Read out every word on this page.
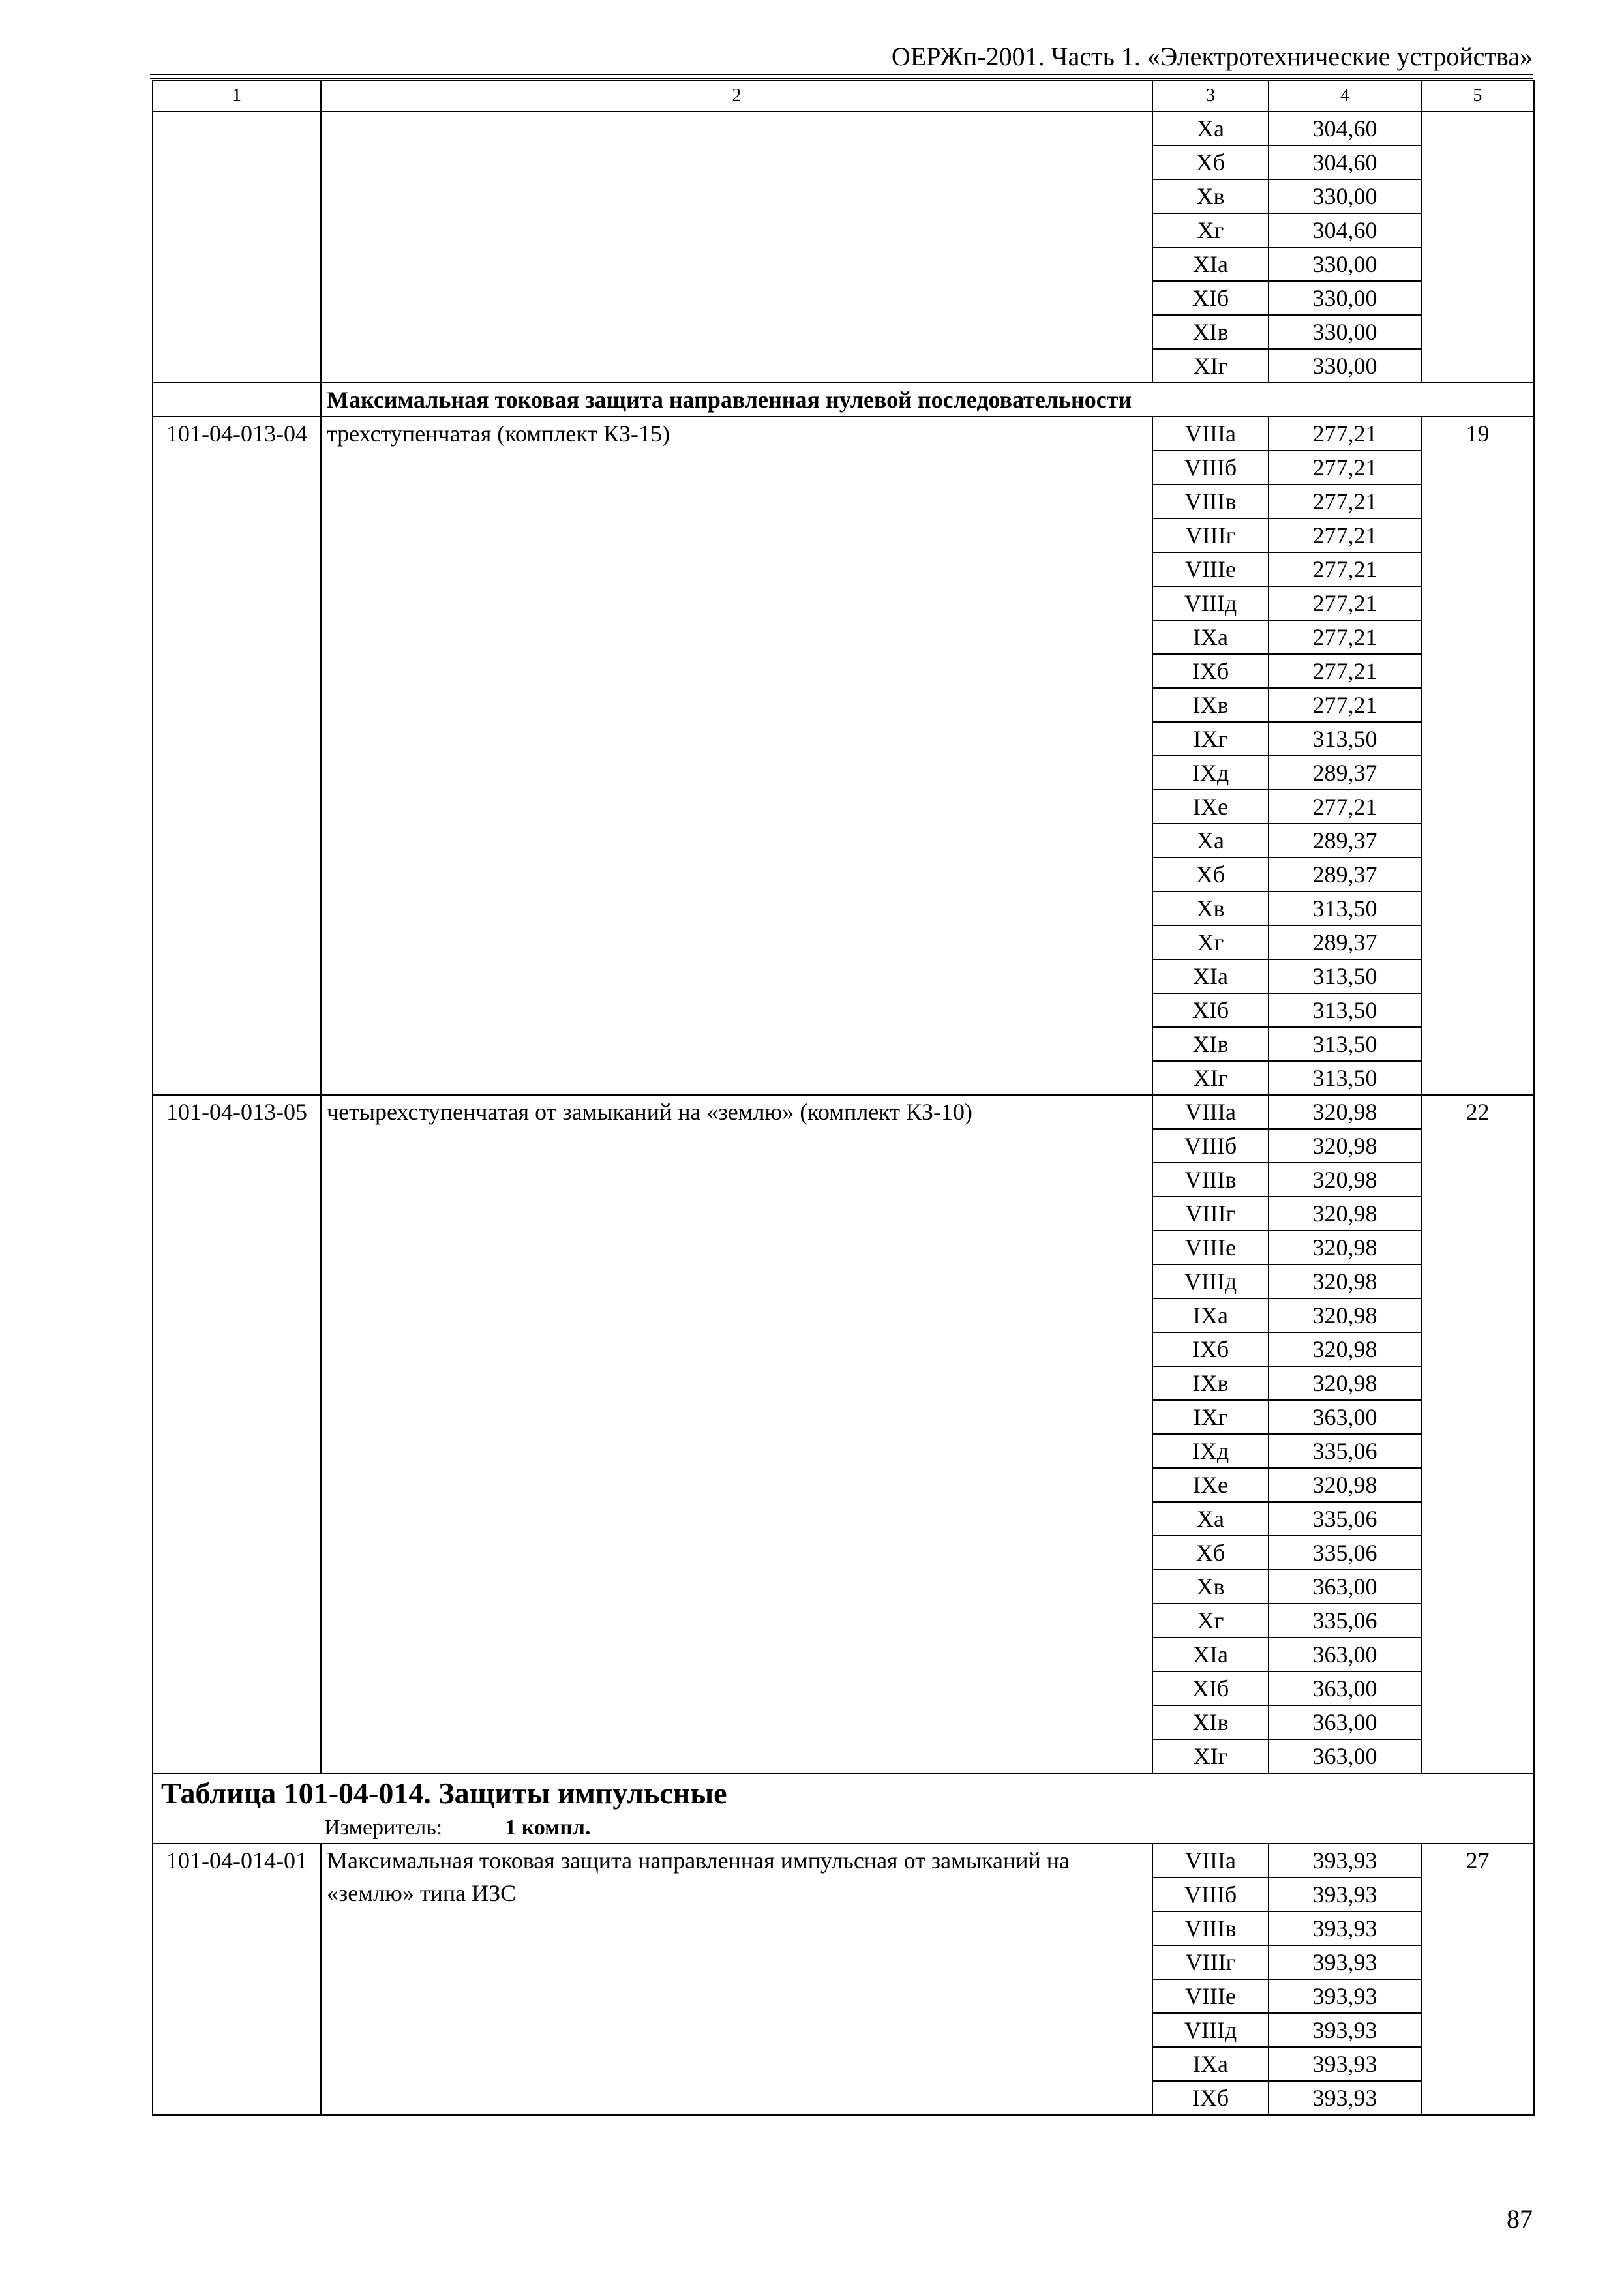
ОЕРЖп-2001. Часть 1. «Электротехнические устройства»
1	2	3	4	5
		Xа	304,60	
		Xб	304,60	
		Xв	330,00	
		Xг	304,60	
		XIа	330,00	
		XIб	330,00	
		XIв	330,00	
		XIг	330,00	
	Максимальная токовая защита направленная нулевой последовательности			
101-04-013-04	трехступенчатая (комплект КЗ-15)	VIIIа	277,21	19
		VIIIб	277,21	
		VIIIв	277,21	
		VIIIг	277,21	
		VIIIе	277,21	
		VIIIд	277,21	
		IXа	277,21	
		IXб	277,21	
		IXв	277,21	
		IXг	313,50	
		IXд	289,37	
		IXе	277,21	
		Xа	289,37	
		Xб	289,37	
		Xв	313,50	
		Xг	289,37	
		XIа	313,50	
		XIб	313,50	
		XIв	313,50	
		XIг	313,50	
101-04-013-05	четырехступенчатая от замыканий на «землю» (комплект КЗ-10)	VIIIа	320,98	22
		VIIIб	320,98	
		VIIIв	320,98	
		VIIIг	320,98	
		VIIIе	320,98	
		VIIIд	320,98	
		IXа	320,98	
		IXб	320,98	
		IXв	320,98	
		IXг	363,00	
		IXд	335,06	
		IXе	320,98	
		Xа	335,06	
		Xб	335,06	
		Xв	363,00	
		Xг	335,06	
		XIа	363,00	
		XIб	363,00	
		XIв	363,00	
		XIг	363,00	
Таблица 101-04-014. Защиты импульсные				
Измеритель: 1 компл.				
101-04-014-01	Максимальная токовая защита направленная импульсная от замыканий на «землю» типа ИЗС	VIIIа	393,93	27
		VIIIб	393,93	
		VIIIв	393,93	
		VIIIг	393,93	
		VIIIе	393,93	
		VIIIд	393,93	
		IXа	393,93	
		IXб	393,93	
87
